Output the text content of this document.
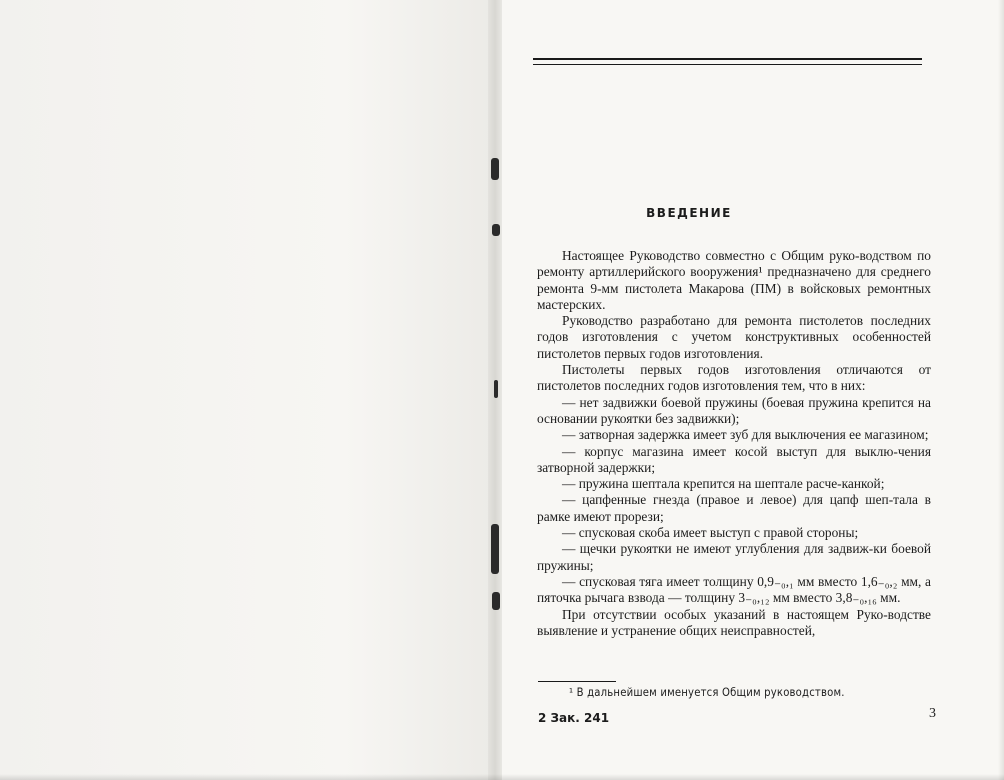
ВВЕДЕНИЕ

Настоящее Руководство совместно с Общим руко-водством по ремонту артиллерийского вооружения¹ предназначено для среднего ремонта 9-мм пистолета Макарова (ПМ) в войсковых ремонтных мастерских.

Руководство разработано для ремонта пистолетов последних годов изготовления с учетом конструктивных особенностей пистолетов первых годов изготовления.

Пистолеты первых годов изготовления отличаются от пистолетов последних годов изготовления тем, что в них:

— нет задвижки боевой пружины (боевая пружина крепится на основании рукоятки без задвижки);

— затворная задержка имеет зуб для выключения ее магазином;

— корпус магазина имеет косой выступ для выклю-чения затворной задержки;

— пружина шептала крепится на шептале расче-канкой;

— цапфенные гнезда (правое и левое) для цапф шеп-тала в рамке имеют прорези;

— спусковая скоба имеет выступ с правой стороны;

— щечки рукоятки не имеют углубления для задвиж-ки боевой пружины;

— спусковая тяга имеет толщину 0,9₋₀,₁ мм вместо 1,6₋₀,₂ мм, а пяточка рычага взвода — толщину 3₋₀,₁₂ мм вместо 3,8₋₀,₁₆ мм.

При отсутствии особых указаний в настоящем Руко-водстве выявление и устранение общих неисправностей,

¹ В дальнейшем именуется Общим руководством.
2 Зак. 241	3
